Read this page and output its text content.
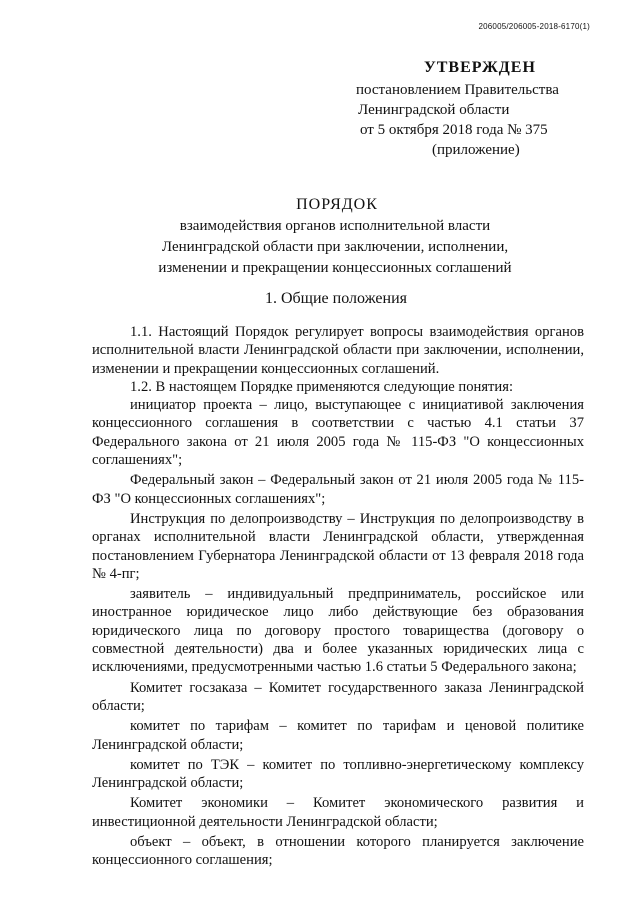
206005/206005-2018-6170(1)
УТВЕРЖДЕН
постановлением Правительства
Ленинградской области
от 5 октября 2018 года № 375
(приложение)
ПОРЯДОК
взаимодействия органов исполнительной власти
Ленинградской области при заключении, исполнении,
изменении и прекращении концессионных соглашений
1. Общие положения

1.1. Настоящий Порядок регулирует вопросы взаимодействия органов исполнительной власти Ленинградской области при заключении, исполнении, изменении и прекращении концессионных соглашений.

1.2. В настоящем Порядке применяются следующие понятия:

инициатор проекта – лицо, выступающее с инициативой заключения концессионного соглашения в соответствии с частью 4.1 статьи 37 Федерального закона от 21 июля 2005 года № 115-ФЗ "О концессионных соглашениях";

Федеральный закон – Федеральный закон от 21 июля 2005 года № 115-ФЗ "О концессионных соглашениях";

Инструкция по делопроизводству – Инструкция по делопроизводству в органах исполнительной власти Ленинградской области, утвержденная постановлением Губернатора Ленинградской области от 13 февраля 2018 года № 4-пг;

заявитель – индивидуальный предприниматель, российское или иностранное юридическое лицо либо действующие без образования юридического лица по договору простого товарищества (договору о совместной деятельности) два и более указанных юридических лица с исключениями, предусмотренными частью 1.6 статьи 5 Федерального закона;

Комитет госзаказа – Комитет государственного заказа Ленинградской области;

комитет по тарифам – комитет по тарифам и ценовой политике Ленинградской области;

комитет по ТЭК – комитет по топливно-энергетическому комплексу Ленинградской области;

Комитет экономики – Комитет экономического развития и инвестиционной деятельности Ленинградской области;

объект – объект, в отношении которого планируется заключение концессионного соглашения;
